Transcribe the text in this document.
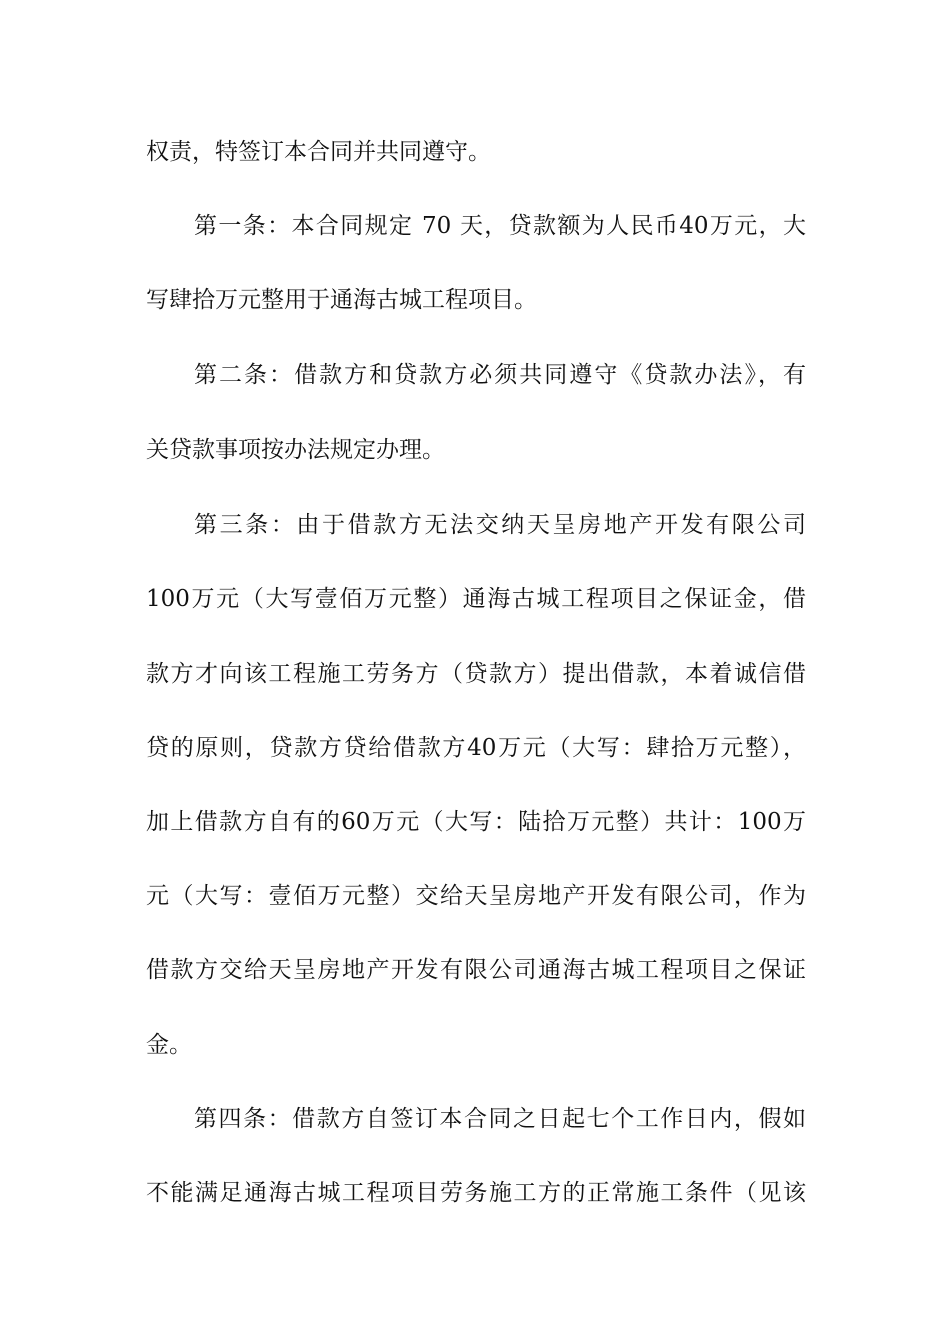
权责，特签订本合同并共同遵守。
第一条：本合同规定 70 天，贷款额为人民币40万元，大
写肆拾万元整用于通海古城工程项目。
第二条：借款方和贷款方必须共同遵守《贷款办法》，有
关贷款事项按办法规定办理。
第三条：由于借款方无法交纳天呈房地产开发有限公司
100万元（大写壹佰万元整）通海古城工程项目之保证金，借
款方才向该工程施工劳务方（贷款方）提出借款，本着诚信借
贷的原则，贷款方贷给借款方40万元（大写：肆拾万元整），
加上借款方自有的60万元（大写：陆拾万元整）共计：100万
元（大写：壹佰万元整）交给天呈房地产开发有限公司，作为
借款方交给天呈房地产开发有限公司通海古城工程项目之保证
金。
第四条：借款方自签订本合同之日起七个工作日内，假如
不能满足通海古城工程项目劳务施工方的正常施工条件（见该
